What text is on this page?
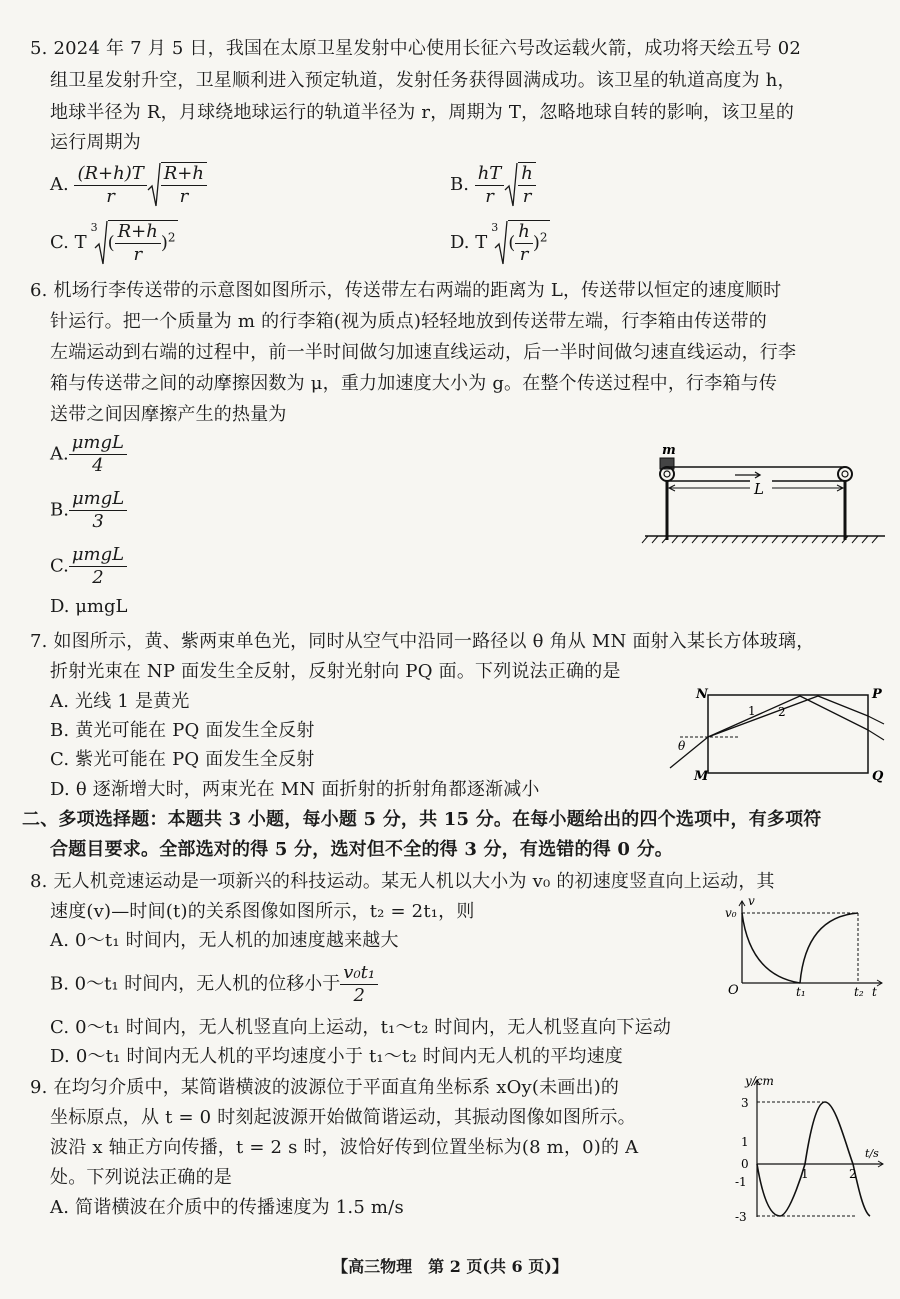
5. 2024 年 7 月 5 日，我国在太原卫星发射中心使用长征六号改运载火箭，成功将天绘五号 02
组卫星发射升空，卫星顺利进入预定轨道，发射任务获得圆满成功。该卫星的轨道高度为 h，
地球半径为 R，月球绕地球运行的轨道半径为 r，周期为 T，忽略地球自转的影响，该卫星的
运行周期为
A. $\frac{(R+h)T}{r} \frac{R+h}{r}$	B. $\frac{hT}{r} \frac{h}{r}$
C. $T^3( \frac{R+h}{r} )^2$	D. $T^3( \frac{h}{r} )^2$
6. 机场行李传送带的示意图如图所示，传送带左右两端的距离为 L，传送带以恒定的速度顺时
针运行。把一个质量为 m 的行李箱(视为质点)轻轻地放到传送带左端，行李箱由传送带的
左端运动到右端的过程中，前一半时间做匀加速直线运动，后一半时间做匀速直线运动，行李
箱与传送带之间的动摩擦因数为 μ，重力加速度大小为 g。在整个传送过程中，行李箱与传
送带之间因摩擦产生的热量为
A. $\frac{\text{μmgL}}{4}$
B. $\frac{\text{μmgL}}{3}$
C. $\frac{\text{μmgL}}{2}$
D. μmgL
m
L
7. 如图所示，黄、紫两束单色光，同时从空气中沿同一路径以 θ 角从 MN 面射入某长方体玻璃，
折射光束在 NP 面发生全反射，反射光射向 PQ 面。下列说法正确的是
A. 光线 1 是黄光
B. 黄光可能在 PQ 面发生全反射
C. 紫光可能在 PQ 面发生全反射
D. θ 逐渐增大时，两束光在 MN 面折射的折射角都逐渐减小
N	P
M	Q
θ
1 2
二、多项选择题：本题共 3 小题，每小题 5 分，共 15 分。在每小题给出的四个选项中，有多项符
合题目要求。全部选对的得 5 分，选对但不全的得 3 分，有选错的得 0 分。
8. 无人机竞速运动是一项新兴的科技运动。某无人机以大小为 v₀ 的初速度竖直向上运动，其
速度(v)—时间(t)的关系图像如图所示，t₂ = 2t₁，则
A. 0～t₁ 时间内，无人机的加速度越来越大
B. 0～t₁ 时间内，无人机的位移小于 $\frac{\text{v₀t₁}}{2}$
C. 0～t₁ 时间内，无人机竖直向上运动，t₁～t₂ 时间内，无人机竖直向下运动
D. 0～t₁ 时间内无人机的平均速度小于 t₁～t₂ 时间内无人机的平均速度
v₀
v
O	t₁	t₂ t
9. 在均匀介质中，某简谐横波的波源位于平面直角坐标系 xOy(未画出)的
坐标原点，从 t = 0 时刻起波源开始做简谐运动，其振动图像如图所示。
波沿 x 轴正方向传播，t = 2 s 时，波恰好传到位置坐标为(8 m，0)的 A
处。下列说法正确的是
A. 简谐横波在介质中的传播速度为 1.5 m/s
y/cm
t/s
3
1
0
-1
-3
1	2
【高三物理　第 2 页(共 6 页)】
